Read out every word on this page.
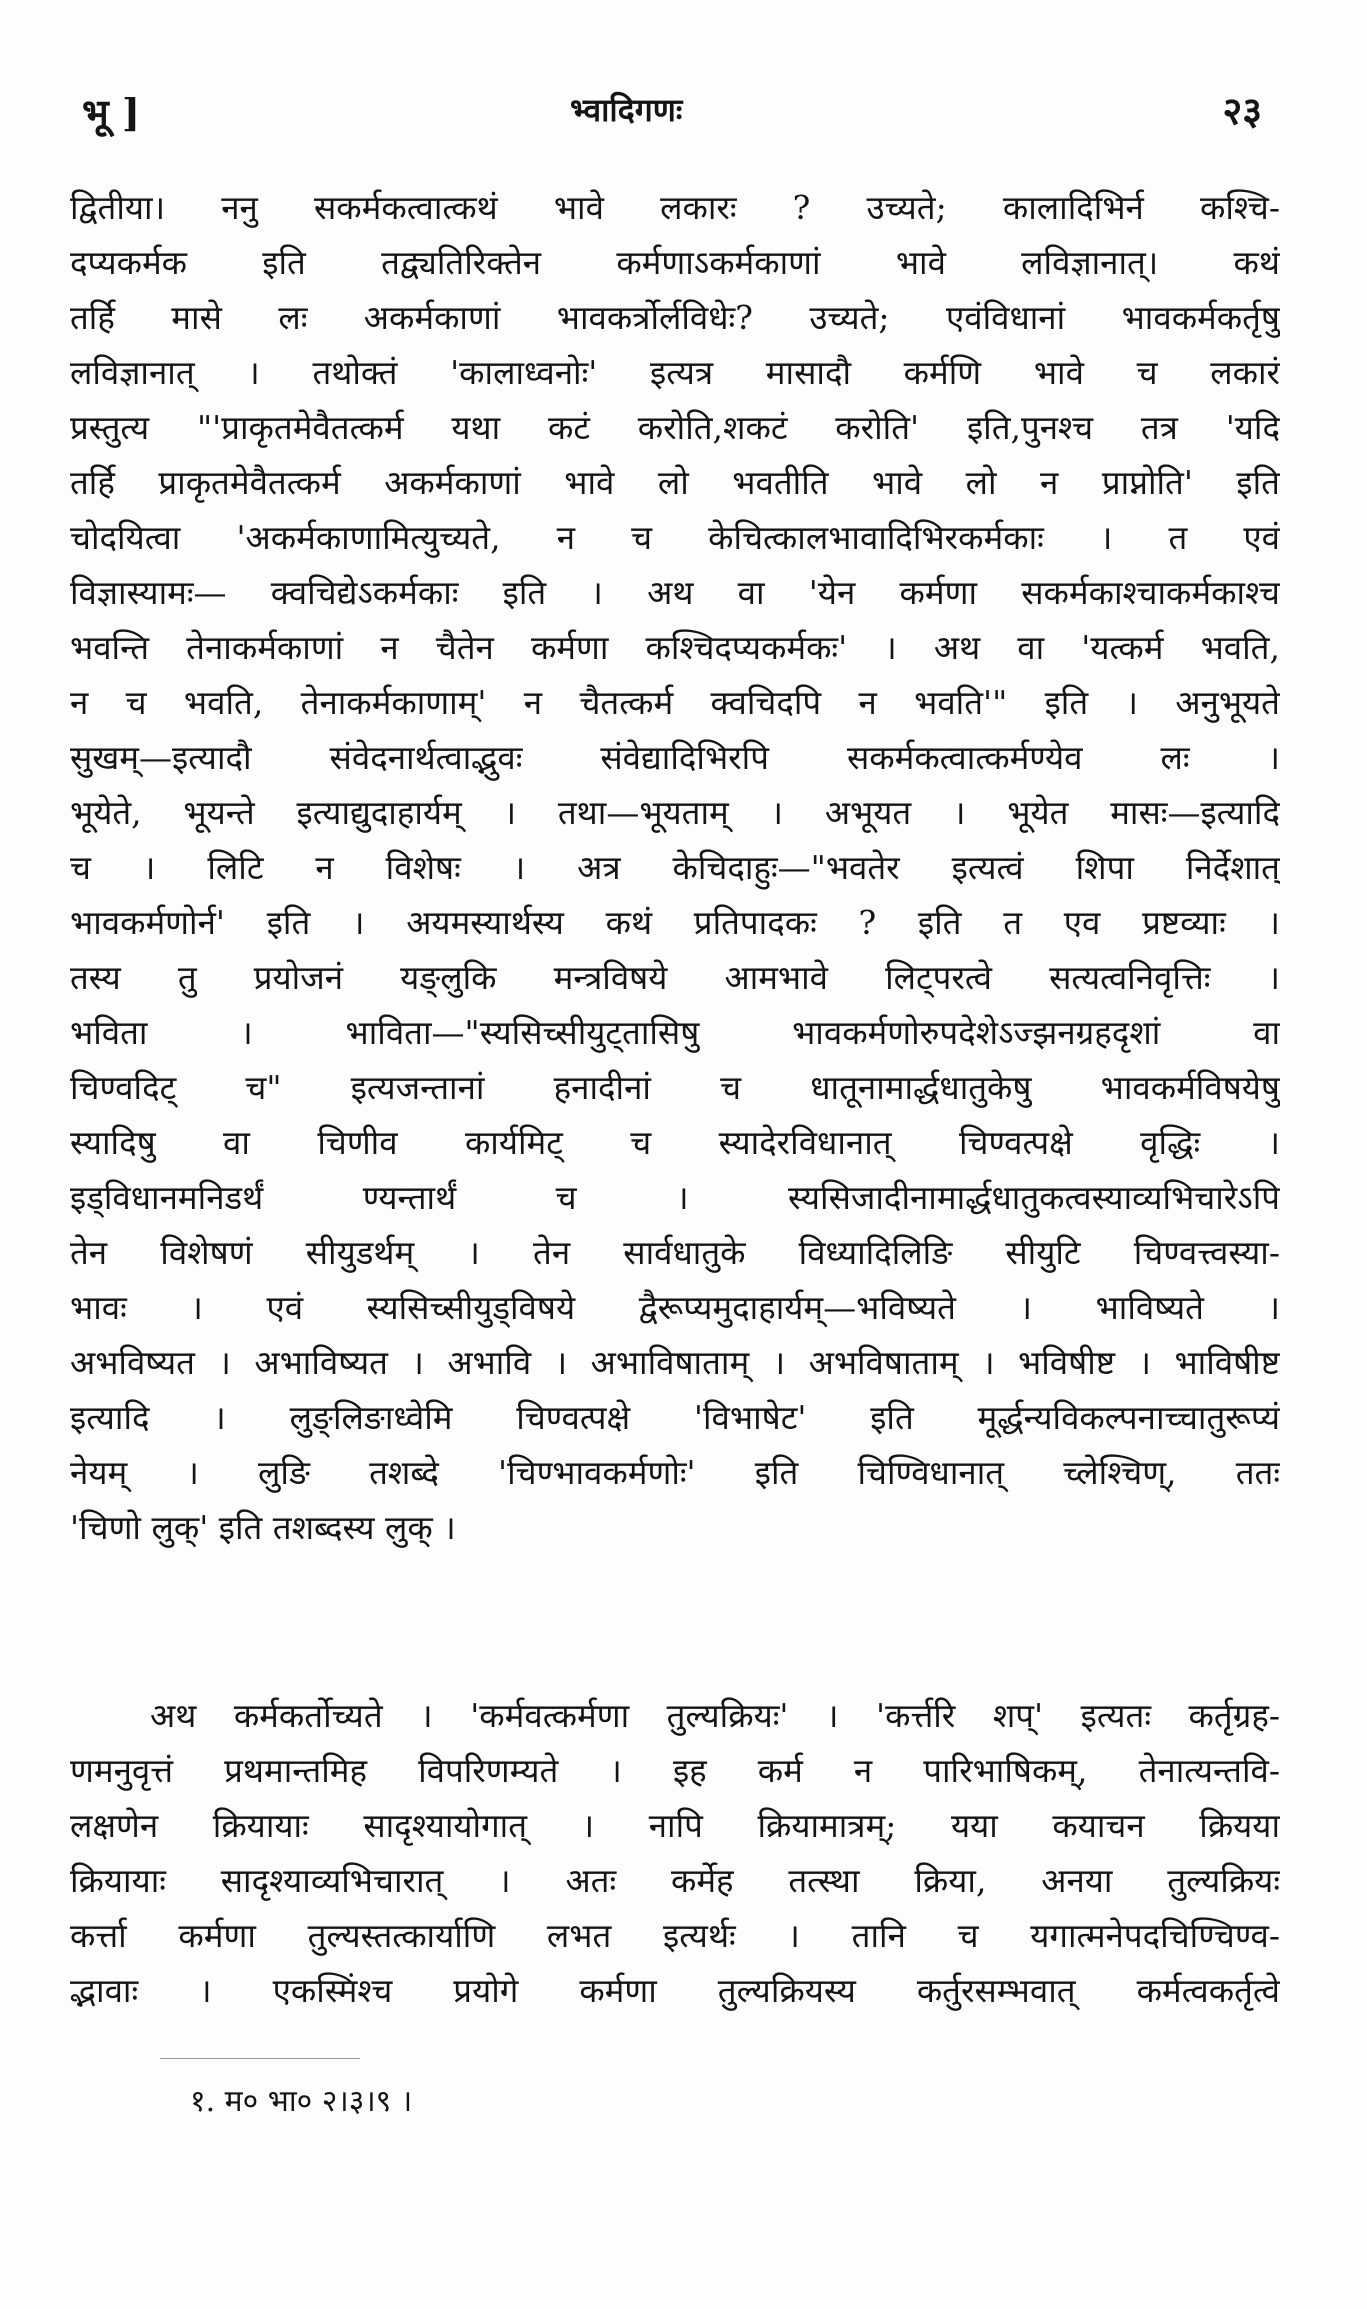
भू ]	भ्वादिगणः	२३
द्वितीया। ननु सकर्मकत्वात्कथं भावे लकारः ? उच्यते; कालादिभिर्न कश्चि-
दप्यकर्मक इति तद्व्यतिरिक्तेन कर्मणाऽकर्मकाणां भावे लविज्ञानात्। कथं
तर्हि मासे लः अकर्मकाणां भावकर्त्रोर्लविधेः? उच्यते; एवंविधानां भावकर्मकर्तृषु
लविज्ञानात् । तथोक्तं 'कालाध्वनोः' इत्यत्र मासादौ कर्मणि भावे च लकारं
प्रस्तुत्य "'प्राकृतमेवैतत्कर्म यथा कटं करोति,शकटं करोति' इति,पुनश्च तत्र 'यदि
तर्हि प्राकृतमेवैतत्कर्म अकर्मकाणां भावे लो भवतीति भावे लो न प्राप्नोति' इति
चोदयित्वा 'अकर्मकाणामित्युच्यते, न च केचित्कालभावादिभिरकर्मकाः । त एवं
विज्ञास्यामः— क्वचिद्येऽकर्मकाः इति । अथ वा 'येन कर्मणा सकर्मकाश्चाकर्मकाश्च
भवन्ति तेनाकर्मकाणां न चैतेन कर्मणा कश्चिदप्यकर्मकः' । अथ वा 'यत्कर्म भवति,
न च भवति, तेनाकर्मकाणाम्' न चैतत्कर्म क्वचिदपि न भवति'" इति । अनुभूयते
सुखम्—इत्यादौ संवेदनार्थत्वाद्भुवः संवेद्यादिभिरपि सकर्मकत्वात्कर्मण्येव लः ।
भूयेते, भूयन्ते इत्याद्युदाहार्यम् । तथा—भूयताम् । अभूयत । भूयेत मासः—इत्यादि
च । लिटि न विशेषः । अत्र केचिदाहुः—"भवतेर इत्यत्वं शिपा निर्देशात्
भावकर्मणोर्न' इति । अयमस्यार्थस्य कथं प्रतिपादकः ? इति त एव प्रष्टव्याः ।
तस्य तु प्रयोजनं यङ्लुकि मन्त्रविषये आमभावे लिट्परत्वे सत्यत्वनिवृत्तिः ।
भविता । भाविता—"स्यसिच्सीयुट्तासिषु भावकर्मणोरुपदेशेऽज्झनग्रहदृशां वा
चिण्वदिट् च" इत्यजन्तानां हनादीनां च धातूनामार्द्धधातुकेषु भावकर्मविषयेषु
स्यादिषु वा चिणीव कार्यमिट् च स्यादेरविधानात् चिण्वत्पक्षे वृद्धिः ।
इड्विधानमनिडर्थं ण्यन्तार्थं च । स्यसिजादीनामार्द्धधातुकत्वस्याव्यभिचारेऽपि
तेन विशेषणं सीयुडर्थम् । तेन सार्वधातुके विध्यादिलिङि सीयुटि चिण्वत्त्वस्या-
भावः । एवं स्यसिच्सीयुड्विषये द्वैरूप्यमुदाहार्यम्—भविष्यते । भाविष्यते ।
अभविष्यत । अभाविष्यत । अभावि । अभाविषाताम् । अभविषाताम् । भविषीष्ट । भाविषीष्ट
इत्यादि । लुङ्लिङाध्वेमि चिण्वत्पक्षे 'विभाषेट' इति मूर्द्धन्यविकल्पनाच्चातुरूप्यं
नेयम् । लुङि तशब्दे 'चिण्भावकर्मणोः' इति चिण्विधानात् च्लेश्चिण्, ततः
'चिणो लुक्' इति तशब्दस्य लुक् ।
अथ कर्मकर्तोच्यते । 'कर्मवत्कर्मणा तुल्यक्रियः' । 'कर्त्तरि शप्' इत्यतः कर्तृग्रह-
णमनुवृत्तं प्रथमान्तमिह विपरिणम्यते । इह कर्म न पारिभाषिकम्, तेनात्यन्तवि-
लक्षणेन क्रियायाः सादृश्यायोगात् । नापि क्रियामात्रम्; यया कयाचन क्रियया
क्रियायाः सादृश्याव्यभिचारात् । अतः कर्मेह तत्स्था क्रिया, अनया तुल्यक्रियः
कर्त्ता कर्मणा तुल्यस्तत्कार्याणि लभत इत्यर्थः । तानि च यगात्मनेपदचिण्चिण्व-
द्भावाः । एकस्मिंश्च प्रयोगे कर्मणा तुल्यक्रियस्य कर्तुरसम्भवात् कर्मत्वकर्तृत्वे
१. म० भा० २।३।९ ।
